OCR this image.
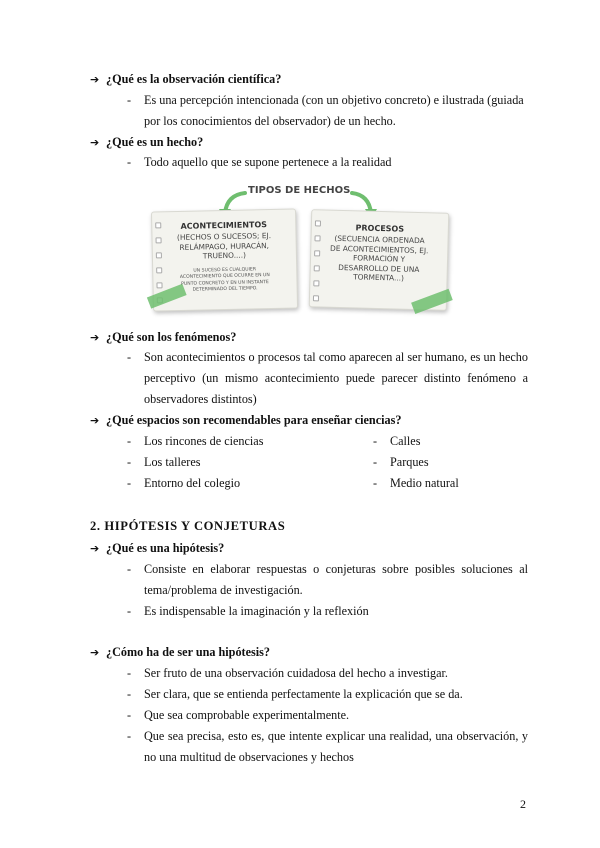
➔ ¿Qué es la observación científica?
- Es una percepción intencionada (con un objetivo concreto) e ilustrada (guiada
por los conocimientos del observador) de un hecho.
➔ ¿Qué es un hecho?
- Todo aquello que se supone pertenece a la realidad
TIPOS DE HECHOS
ACONTECIMIENTOS
(HECHOS O SUCESOS; EJ.
RELÁMPAGO, HURACÁN,
TRUENO....)
UN SUCESO ES CUALQUIER
ACONTECIMIENTO QUE OCURRE EN UN
PUNTO CONCRETO Y EN UN INSTANTE
DETERMINADO DEL TIEMPO.
PROCESOS
(SECUENCIA ORDENADA
DE ACONTECIMIENTOS, EJ.
FORMACIÓN Y
DESARROLLO DE UNA
TORMENTA...)
➔ ¿Qué son los fenómenos?
- Son acontecimientos o procesos tal como aparecen al ser humano, es un hecho
perceptivo (un mismo acontecimiento puede parecer distinto fenómeno a
observadores distintos)
➔ ¿Qué espacios son recomendables para enseñar ciencias?
- Los rincones de ciencias
- Los talleres
- Entorno del colegio
- Calles
- Parques
- Medio natural
2. HIPÓTESIS Y CONJETURAS
➔ ¿Qué es una hipótesis?
- Consiste en elaborar respuestas o conjeturas sobre posibles soluciones al
tema/problema de investigación.
- Es indispensable la imaginación y la reflexión
➔ ¿Cómo ha de ser una hipótesis?
- Ser fruto de una observación cuidadosa del hecho a investigar.
- Ser clara, que se entienda perfectamente la explicación que se da.
- Que sea comprobable experimentalmente.
- Que sea precisa, esto es, que intente explicar una realidad, una observación, y
no una multitud de observaciones y hechos
2
